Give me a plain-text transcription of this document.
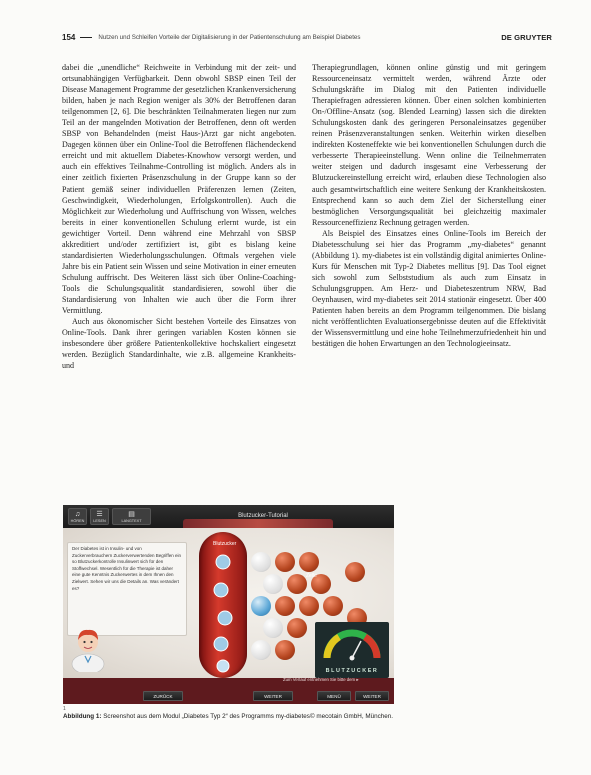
154	Nutzen und Schleifen Vorteile der Digitalisierung in der Patientenschulung am Beispiel Diabetes	DE GRUYTER

dabei die „unendliche“ Reichweite in Verbindung mit der zeit- und ortsunabhängigen Verfügbarkeit. Denn obwohl SBSP einen Teil der Disease Management Programme der gesetzlichen Krankenversicherung bilden, haben je nach Region weniger als 30% der Betroffenen daran teilgenommen [2, 6]. Die beschränkten Teilnahmeraten liegen nur zum Teil an der mangelnden Motivation der Betroffenen, denn oft werden SBSP von Behandelnden (meist Haus-)Arzt gar nicht angeboten. Dagegen können über ein Online-Tool die Betroffenen flächendeckend erreicht und mit aktuellem Diabetes-Knowhow versorgt werden, und auch ein effektives Teilnahme-Controlling ist möglich. Anders als in einer zeitlich fixierten Präsenzschulung in der Gruppe kann so der Patient gemäß seiner individuellen Präferenzen lernen (Zeiten, Geschwindigkeit, Wiederholungen, Erfolgskontrollen). Auch die Möglichkeit zur Wiederholung und Auffrischung von Wissen, welches bereits in einer konventionellen Schulung erlernt wurde, ist ein gewichtiger Vorteil. Denn während eine Mehrzahl von SBSP akkreditiert und/oder zertifiziert ist, gibt es bislang keine standardisierten Wiederholungsschulungen. Oftmals vergehen viele Jahre bis ein Patient sein Wissen und seine Motivation in einer erneuten Schulung auffrischt. Des Weiteren lässt sich über Online-Coaching-Tools die Schulungsqualität standardisieren, sowohl über die Standardisierung von Inhalten wie auch über die Form ihrer Vermittlung.

Auch aus ökonomischer Sicht bestehen Vorteile des Einsatzes von Online-Tools. Dank ihrer geringen variablen Kosten können sie insbesondere über größere Patientenkollektive hochskaliert eingesetzt werden. Bezüglich Standardinhalte, wie z.B. allgemeine Krankheits- und

Therapiegrundlagen, können online günstig und mit geringem Ressourceneinsatz vermittelt werden, während Ärzte oder Schulungskräfte im Dialog mit den Patienten individuelle Therapiefragen adressieren können. Über einen solchen kombinierten On-/Offline-Ansatz (sog. Blended Learning) lassen sich die direkten Schulungskosten dank des geringeren Personaleinsatzes gegenüber reinen Präsenzveranstaltungen senken. Weiterhin wirken dieselben indirekten Kosteneffekte wie bei konventionellen Schulungen durch die verbesserte Therapieeinstellung. Wenn online die Teilnehmerraten weiter steigen und dadurch insgesamt eine Verbesserung der Blutzuckereinstellung erreicht wird, erlauben diese Technologien also auch gesamtwirtschaftlich eine weitere Senkung der Krankheitskosten. Entsprechend kann so auch dem Ziel der Sicherstellung einer bestmöglichen Versorgungsqualität bei gleichzeitig maximaler Ressourceneffizienz Rechnung getragen werden.

Als Beispiel des Einsatzes eines Online-Tools im Bereich der Diabetesschulung sei hier das Programm „my-diabetes“ genannt (Abbildung 1). my-diabetes ist ein vollständig digital animiertes Online-Kurs für Menschen mit Typ-2 Diabetes mellitus [9]. Das Tool eignet sich sowohl zum Selbststudium als auch zum Einsatz in Schulungsgruppen. Am Herz- und Diabeteszentrum NRW, Bad Oeynhausen, wird my-diabetes seit 2014 stationär eingesetzt. Über 400 Patienten haben bereits an dem Programm teilgenommen. Die bislang nicht veröffentlichten Evaluationsergebnisse deuten auf die Effektivität der Wissensvermittlung und eine hohe Teilnehmerzufriedenheit hin und bestätigen die hohen Erwartungen an den Technologieeinsatz.

♫
HÖREN
☰
LESEN
▤
LANGTEXT
Blutzucker-Tutorial
Der Diabetes ist in Insulin- und von Zuckerverbrauchern Zuckerverwertenden Begriffen ein so Blutzuckerkontrolle Insulinwert sich für den Stoffwechsel. Wesentlich für die Therapie ist daher eine gute Kenntnis Zuckerwertes in dem Ihnen den Zielwert. Sehen wir uns die Details an. Was verändert es?
Blutzucker
Zelle
BLUTZUCKER
Zum Verlauf entnehmen Sie bitte dem ▸
ZURÜCK	WEITER	MENÜ	WEITER
1
Abbildung 1: Screenshot aus dem Modul „Diabetes Typ 2“ des Programms my-diabetes© mecotain GmbH, München.
